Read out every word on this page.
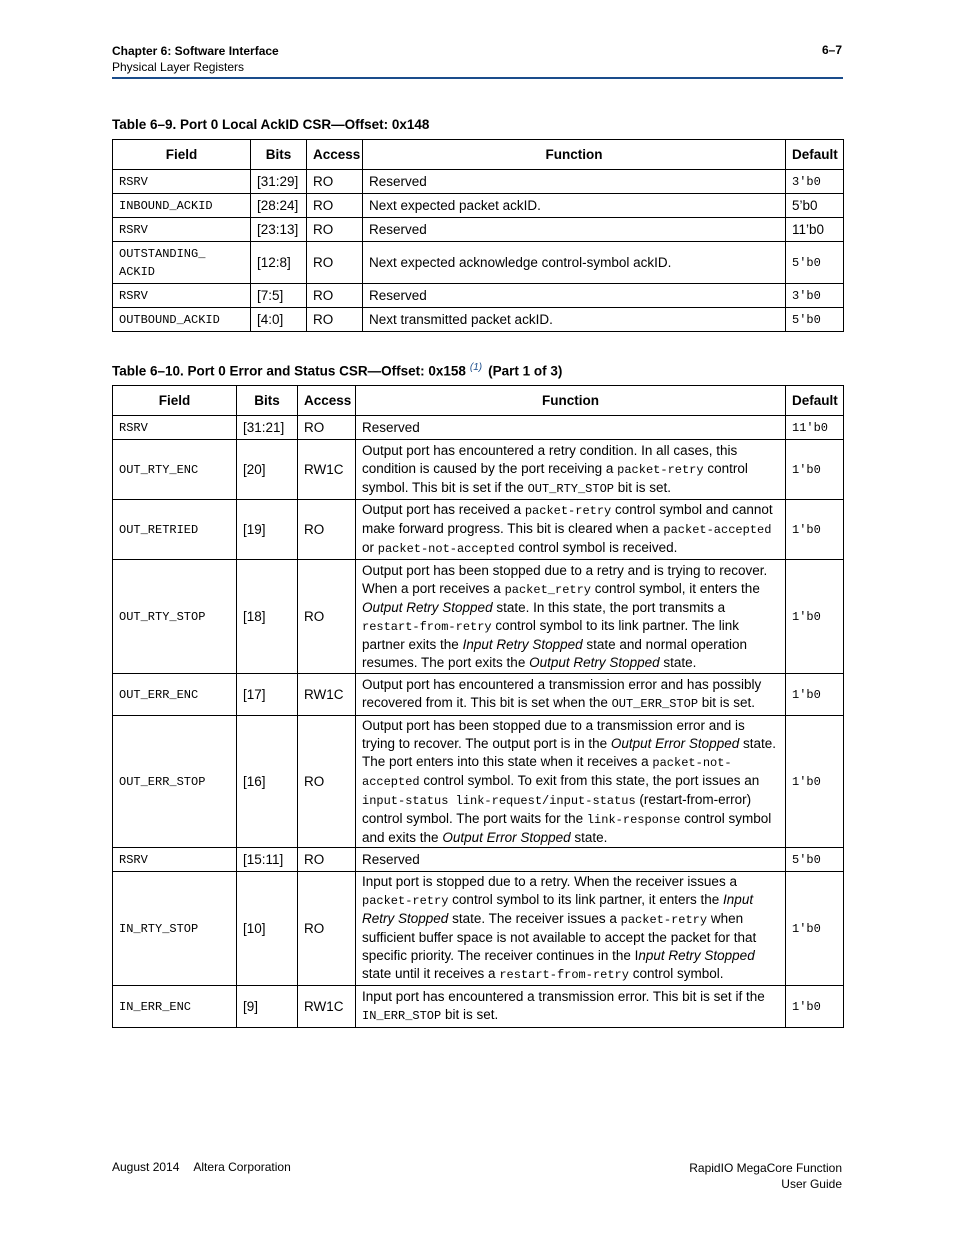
Chapter 6: Software Interface
Physical Layer Registers
6–7
Table 6–9. Port 0 Local AckID CSR—Offset: 0x148
Field	Bits	Access	Function	Default
RSRV	[31:29]	RO	Reserved	3'b0
INBOUND_ACKID	[28:24]	RO	Next expected packet ackID.	5’b0
RSRV	[23:13]	RO	Reserved	11’b0
OUTSTANDING_ ACKID	[12:8]	RO	Next expected acknowledge control-symbol ackID.	5'b0
RSRV	[7:5]	RO	Reserved	3'b0
OUTBOUND_ACKID	[4:0]	RO	Next transmitted packet ackID.	5'b0
Table 6–10. Port 0 Error and Status CSR—Offset: 0x158 $^{(1)}$ (Part 1 of 3)
Field	Bits	Access	Function	Default
RSRV	[31:21]	RO	Reserved	11'b0
OUT_RTY_ENC	[20]	RW1C	Output port has encountered a retry condition. In all cases, this condition is caused by the port receiving a packet-retry control symbol. This bit is set if the OUT_RTY_STOP bit is set.	1'b0
OUT_RETRIED	[19]	RO	Output port has received a packet-retry control symbol and cannot make forward progress. This bit is cleared when a packet-accepted or packet-not-accepted control symbol is received.	1'b0
OUT_RTY_STOP	[18]	RO	Output port has been stopped due to a retry and is trying to recover. When a port receives a packet_retry control symbol, it enters the Output Retry Stopped state. In this state, the port transmits a restart-from-retry control symbol to its link partner. The link partner exits the Input Retry Stopped state and normal operation resumes. The port exits the Output Retry Stopped state.	1'b0
OUT_ERR_ENC	[17]	RW1C	Output port has encountered a transmission error and has possibly recovered from it. This bit is set when the OUT_ERR_STOP bit is set.	1'b0
OUT_ERR_STOP	[16]	RO	Output port has been stopped due to a transmission error and is trying to recover. The output port is in the Output Error Stopped state. The port enters into this state when it receives a packet-not-accepted control symbol. To exit from this state, the port issues an input-status link-request/input-status (restart-from-error) control symbol. The port waits for the link-response control symbol and exits the Output Error Stopped state.	1'b0
RSRV	[15:11]	RO	Reserved	5'b0
IN_RTY_STOP	[10]	RO	Input port is stopped due to a retry. When the receiver issues a packet-retry control symbol to its link partner, it enters the Input Retry Stopped state. The receiver issues a packet-retry when sufficient buffer space is not available to accept the packet for that specific priority. The receiver continues in the Input Retry Stopped state until it receives a restart-from-retry control symbol.	1'b0
IN_ERR_ENC	[9]	RW1C	Input port has encountered a transmission error. This bit is set if the IN_ERR_STOP bit is set.	1'b0
August 2014 Altera Corporation	RapidIO MegaCore Function
User Guide
